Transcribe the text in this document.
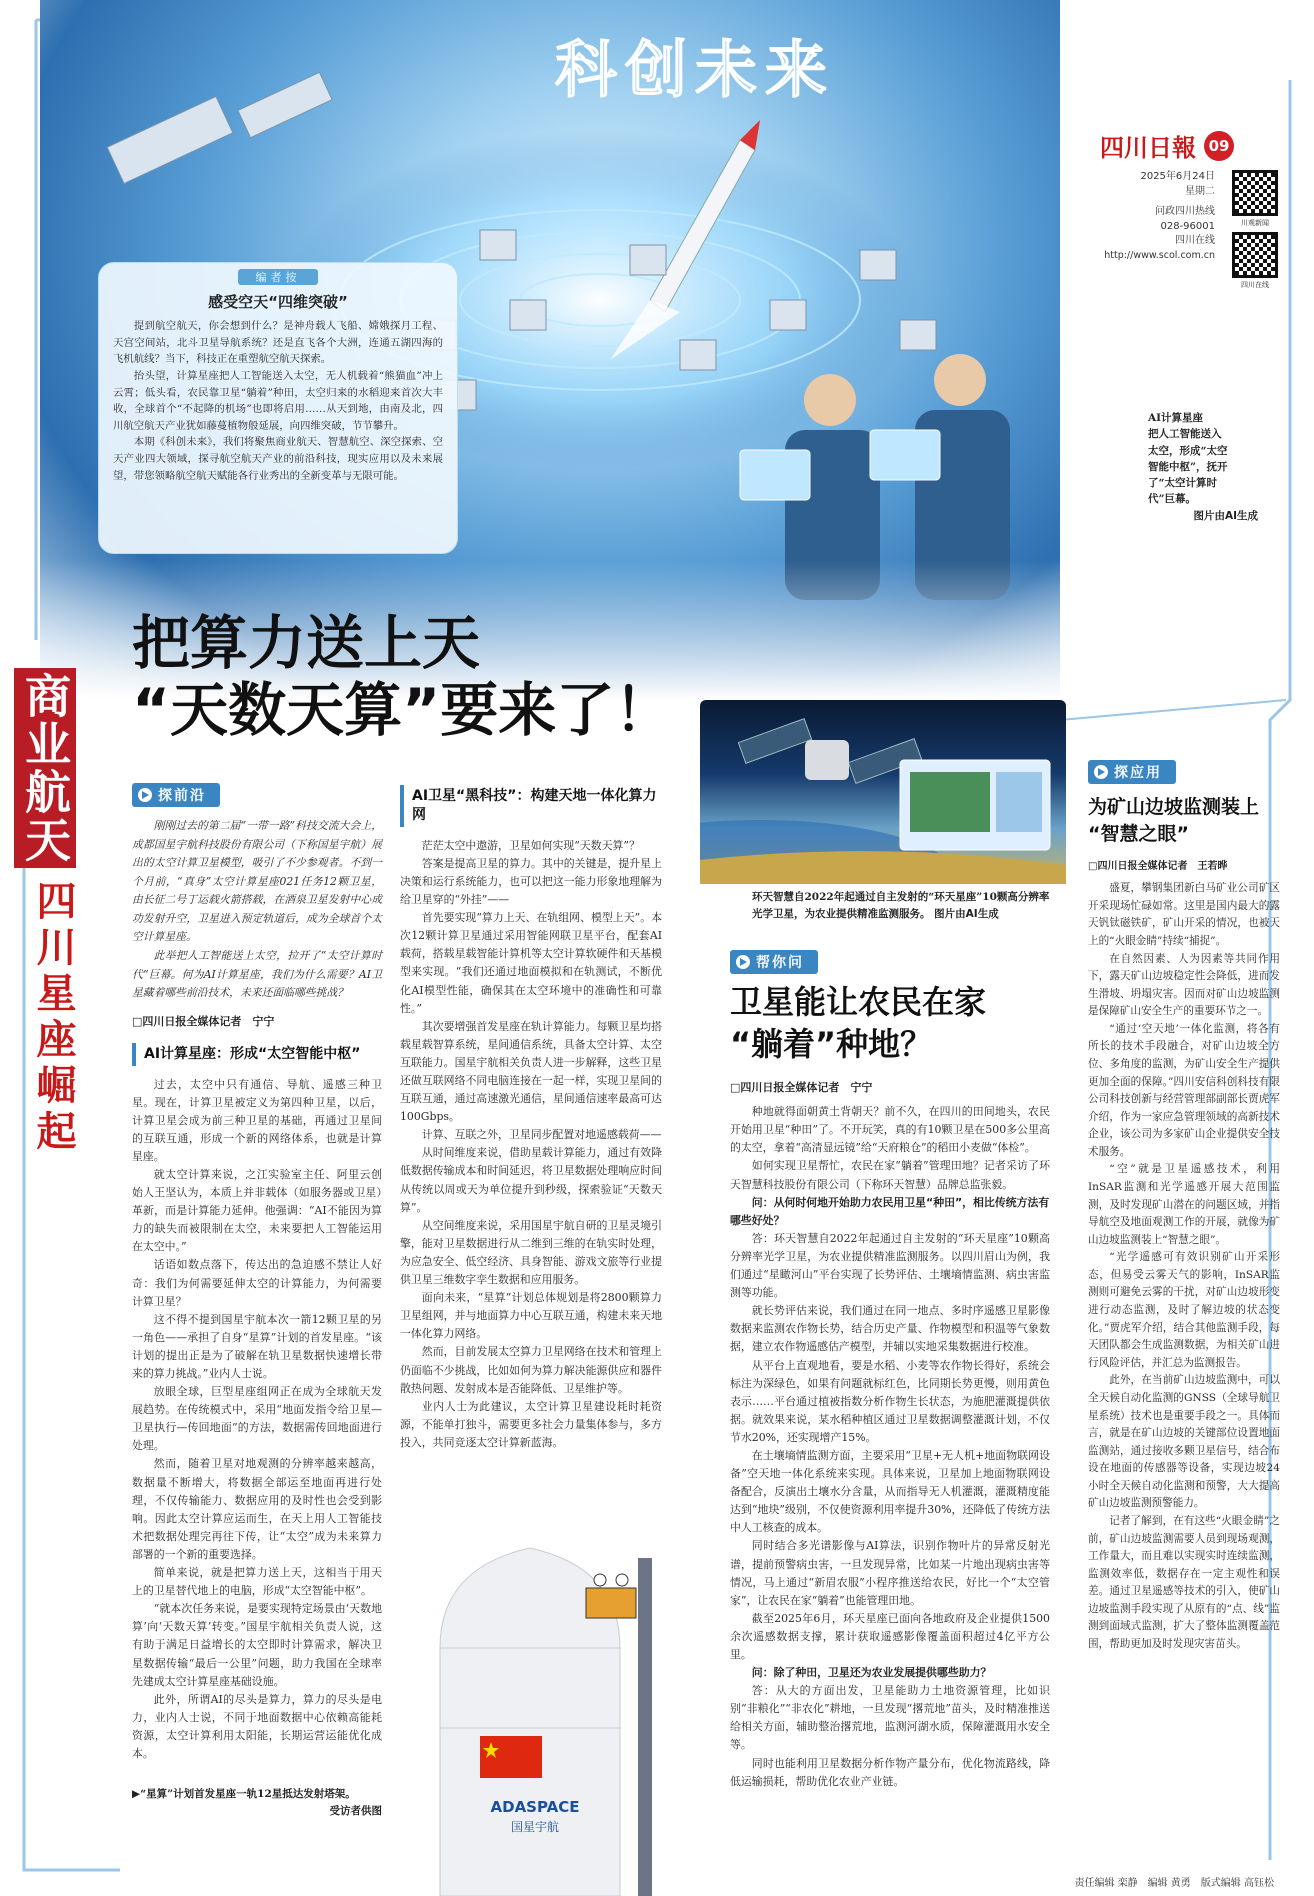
科创未来
四川日報 09
2025年6月24日
星期二
问政四川热线
028-96001
四川在线
http://www.scol.com.cn
川观新闻
四川在线
编者按
感受空天“四维突破”

提到航空航天，你会想到什么？是神舟载人飞船、嫦娥探月工程、天宫空间站，北斗卫星导航系统？还是直飞各个大洲，连通五湖四海的飞机航线？当下，科技正在重塑航空航天探索。

抬头望，计算星座把人工智能送入太空，无人机载着“熊猫血”冲上云霄；低头看，农民靠卫星“躺着”种田，太空归来的水稻迎来首次大丰收，全球首个“不起降的机场”也即将启用……从天到地，由南及北，四川航空航天产业犹如藤蔓植物般延展，向四维突破，节节攀升。

本期《科创未来》，我们将聚焦商业航天、智慧航空、深空探索、空天产业四大领域，探寻航空航天产业的前沿科技，现实应用以及未来展望，带您领略航空航天赋能各行业秀出的全新变革与无限可能。

AI计算星座
把人工智能送入
太空，形成“太空
智能中枢”，抚开
了“太空计算时
代”巨幕。
图片由AI生成
商业航天
四川星座崛起
把算力送上天
“天数天算”要来了！
探前沿

刚刚过去的第二届“一带一路”科技交流大会上，成都国星宇航科技股份有限公司（下称国星宇航）展出的太空计算卫星模型，吸引了不少参观者。不到一个月前，“真身”太空计算星座021任务12颗卫星，由长征二号丁运载火箭搭载，在酒泉卫星发射中心成功发射升空，卫星进入预定轨道后，成为全球首个太空计算星座。

此举把人工智能送上太空，拉开了“太空计算时代”巨幕。何为AI计算星座，我们为什么需要？AI卫星藏着哪些前沿技术，未来还面临哪些挑战？

□四川日报全媒体记者　宁宁
AI计算星座：形成“太空智能中枢”

过去，太空中只有通信、导航、遥感三种卫星。现在，计算卫星被定义为第四种卫星，以后，计算卫星会成为前三种卫星的基础，再通过卫星间的互联互通，形成一个新的网络体系，也就是计算星座。

就太空计算来说，之江实验室主任、阿里云创始人王坚认为，本质上并非载体（如服务器或卫星）革新，而是计算能力延伸。他强调：“AI不能因为算力的缺失而被限制在太空，未来要把人工智能运用在太空中。”

话语如数点落下，传达出的急迫感不禁让人好奇：我们为何需要延伸太空的计算能力，为何需要计算卫星？

这不得不提到国星宇航本次一箭12颗卫星的另一角色——承担了自身“星算”计划的首发星座。“该计划的提出正是为了破解在轨卫星数据快速增长带来的算力挑战。”业内人士说。

放眼全球，巨型星座组网正在成为全球航天发展趋势。在传统模式中，采用“地面发指令给卫星—卫星执行—传回地面”的方法，数据需传回地面进行处理。

然而，随着卫星对地观测的分辨率越来越高，数据量不断增大，将数据全部运至地面再进行处理，不仅传输能力、数据应用的及时性也会受到影响。因此太空计算应运而生，在天上用人工智能技术把数据处理完再往下传，让“太空”成为未来算力部署的一个新的重要选择。

简单来说，就是把算力送上天，这相当于用天上的卫星替代地上的电脑，形成“太空智能中枢”。

“就本次任务来说，是要实现特定场景由‘天数地算’向‘天数天算’转变。”国星宇航相关负责人说，这有助于满足日益增长的太空即时计算需求，解决卫星数据传输“最后一公里”问题，助力我国在全球率先建成太空计算星座基础设施。

此外，所谓AI的尽头是算力，算力的尽头是电力，业内人士说，不同于地面数据中心依赖高能耗资源，太空计算利用太阳能，长期运营运能优化成本。

▶“星算”计划首发星座一轨12星抵达发射塔架。
受访者供图
AI卫星“黑科技”：构建天地一体化算力网

茫茫太空中遨游，卫星如何实现“天数天算”？

答案是提高卫星的算力。其中的关键是，提升星上决策和运行系统能力，也可以把这一能力形象地理解为给卫星穿的“外挂”——

首先要实现“算力上天、在轨组网、模型上天”。本次12颗计算卫星通过采用智能网联卫星平台，配套AI载荷，搭载星载智能计算机等太空计算软硬件和天基模型来实现。“我们还通过地面模拟和在轨测试，不断优化AI模型性能，确保其在太空环境中的准确性和可靠性。”

其次要增强首发星座在轨计算能力。每颗卫星均搭载星载智算系统，星间通信系统，具备太空计算、太空互联能力。国星宇航相关负责人进一步解释，这些卫星还做互联网络不同电脑连接在一起一样，实现卫星间的互联互通，通过高速激光通信，星间通信速率最高可达100Gbps。

计算、互联之外，卫星同步配置对地遥感载荷——

从时间维度来说，借助星载计算能力，通过有效降低数据传输成本和时间延迟，将卫星数据处理响应时间从传统以周或天为单位提升到秒级，探索验证“天数天算”。

从空间维度来说，采用国星宇航自研的卫星灵境引擎，能对卫星数据进行从二维到三维的在轨实时处理，为应急安全、低空经济、具身智能、游戏文旅等行业提供卫星三维数字孪生数据和应用服务。

面向未来，“星算”计划总体规划是将2800颗算力卫星组网，并与地面算力中心互联互通，构建未来天地一体化算力网络。

然而，目前发展太空算力卫星网络在技术和管理上仍面临不少挑战，比如如何为算力解决能源供应和器件散热问题、发射成本是否能降低、卫星维护等。

业内人士为此建议，太空计算卫星建设耗时耗资源，不能单打独斗，需要更多社会力量集体参与，多方投入，共同竞逐太空计算新蓝海。

ADASPACE
国星宇航
环天智慧自2022年起通过自主发射的“环天星座”10颗高分辨率光学卫星，为农业提供精准监测服务。 图片由AI生成
帮你问
卫星能让农民在家
“躺着”种地？
□四川日报全媒体记者　宁宁

种地就得面朝黄土背朝天？前不久，在四川的田间地头，农民开始用卫星“种田”了。不开玩笑，真的有10颗卫星在500多公里高的太空，拿着“高清显远镜”给“天府粮仓”的稻田小麦做“体检”。

如何实现卫星帮忙，农民在家“躺着”管理田地？记者采访了环天智慧科技股份有限公司（下称环天智慧）品牌总监张毅。

问：从何时何地开始助力农民用卫星“种田”，相比传统方法有哪些好处？

答：环天智慧自2022年起通过自主发射的“环天星座”10颗高分辨率光学卫星，为农业提供精准监测服务。以四川眉山为例，我们通过“星瞰河山”平台实现了长势评估、土壤墒情监测、病虫害监测等功能。

就长势评估来说，我们通过在同一地点、多时序遥感卫星影像数据来监测农作物长势，结合历史产量、作物模型和积温等气象数据，建立农作物遥感估产模型，并辅以实地采集数据进行校准。

从平台上直观地看，要是水稻、小麦等农作物长得好，系统会标注为深绿色，如果有问题就标红色，比同期长势更慢，则用黄色表示……平台通过植被指数分析作物生长状态，为施肥灌溉提供依据。就效果来说，某水稻种植区通过卫星数据调整灌溉计划，不仅节水20%，还实现增产15%。

在土壤墒情监测方面，主要采用“卫星+无人机+地面物联网设备”空天地一体化系统来实现。具体来说，卫星加上地面物联网设备配合，反演出土壤水分含量，从而指导无人机灌溉，灌溉精度能达到“地块”级别，不仅使资源利用率提升30%，还降低了传统方法中人工核查的成本。

同时结合多光谱影像与AI算法，识别作物叶片的异常反射光谱，提前预警病虫害，一旦发现异常，比如某一片地出现病虫害等情况，马上通过“新眉农服”小程序推送给农民，好比一个“太空管家”，让农民在家“躺着”也能管理田地。

截至2025年6月，环天星座已面向各地政府及企业提供1500余次遥感数据支撑，累计获取遥感影像覆盖面积超过4亿平方公里。

问：除了种田，卫星还为农业发展提供哪些助力？

答：从大的方面出发，卫星能助力土地资源管理，比如识别“非粮化”“非农化”耕地，一旦发现“撂荒地”苗头，及时精准推送给相关方面，辅助整治撂荒地，监测河湖水质，保障灌溉用水安全等。

同时也能利用卫星数据分析作物产量分布，优化物流路线，降低运输损耗，帮助优化农业产业链。

探应用
为矿山边坡监测装上
“智慧之眼”
□四川日报全媒体记者　王若晔

盛夏，攀钢集团新白马矿业公司矿区开采现场忙碌如常。这里是国内最大的露天钒钛磁铁矿，矿山开采的情况，也被天上的“火眼金睛”持续“捕捉”。

在自然因素、人为因素等共同作用下，露天矿山边坡稳定性会降低，进而发生滑坡、坍塌灾害。因而对矿山边坡监测是保障矿山安全生产的重要环节之一。

“通过‘空天地’一体化监测，将各有所长的技术手段融合，对矿山边坡全方位、多角度的监测，为矿山安全生产提供更加全面的保障。”四川安信科创科技有限公司科技创新与经营管理部副部长贾虎军介绍，作为一家应急管理领域的高新技术企业，该公司为多家矿山企业提供安全技术服务。

“空”就是卫星遥感技术，利用InSAR监测和光学遥感开展大范围监测，及时发现矿山潜在的问题区域，并指导航空及地面观测工作的开展，就像为矿山边坡监测装上“智慧之眼”。

“光学遥感可有效识别矿山开采形态，但易受云雾天气的影响，InSAR监测则可避免云雾的干扰，对矿山边坡形变进行动态监测，及时了解边坡的状态变化。”贾虎军介绍，结合其他监测手段，每天团队都会生成监测数据，为相关矿山进行风险评估，并汇总为监测报告。

此外，在当前矿山边坡监测中，可以全天候自动化监测的GNSS（全球导航卫星系统）技术也是重要手段之一。具体而言，就是在矿山边坡的关键部位设置地面监测站，通过接收多颗卫星信号，结合布设在地面的传感器等设备，实现边坡24小时全天候自动化监测和预警，大大提高矿山边坡监测预警能力。

记者了解到，在有这些“火眼金睛”之前，矿山边坡监测需要人员到现场观测，工作量大，而且难以实现实时连续监测，监测效率低，数据存在一定主观性和误差。通过卫星遥感等技术的引入，使矿山边坡监测手段实现了从原有的“点、线”监测到面域式监测，扩大了整体监测覆盖范围，帮助更加及时发现灾害苗头。

责任编辑 栾静　编辑 黄勇　版式编辑 高钰松
